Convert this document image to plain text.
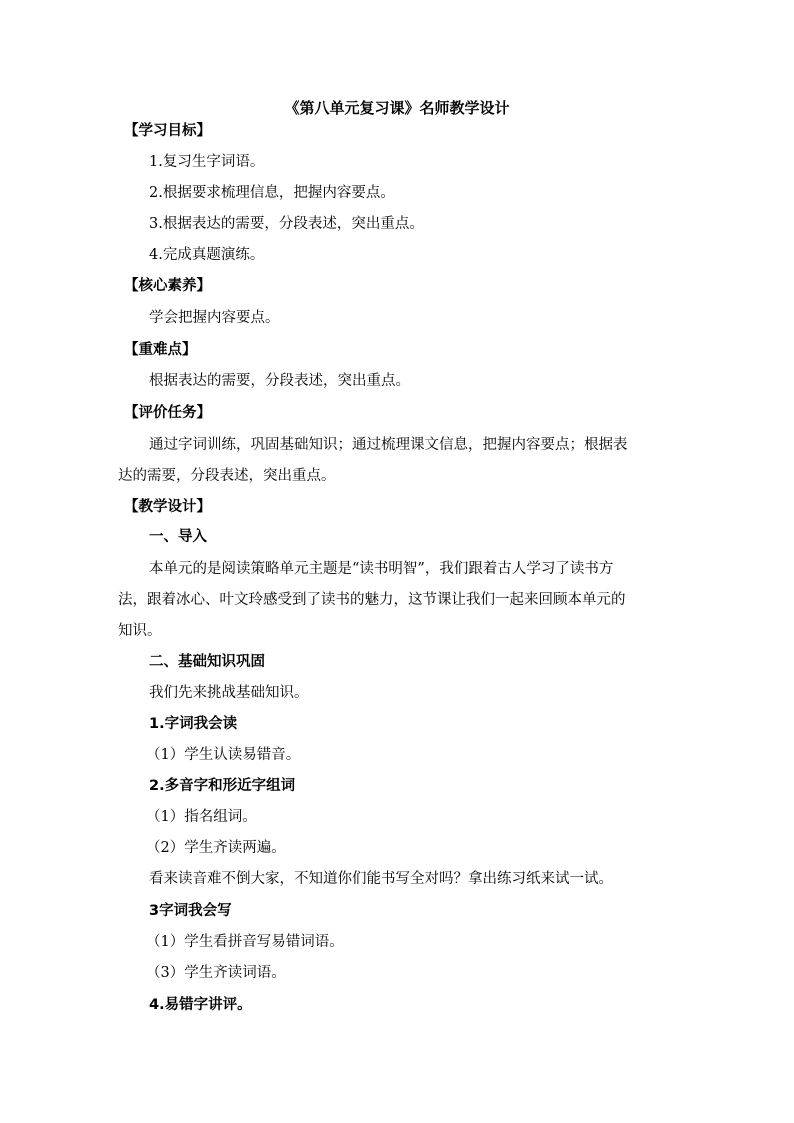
《第八单元复习课》名师教学设计
【学习目标】
1.复习生字词语。
2.根据要求梳理信息，把握内容要点。
3.根据表达的需要，分段表述，突出重点。
4.完成真题演练。
【核心素养】
学会把握内容要点。
【重难点】
根据表达的需要，分段表述，突出重点。
【评价任务】
通过字词训练，巩固基础知识；通过梳理课文信息，把握内容要点；根据表
达的需要，分段表述，突出重点。
【教学设计】
一、导入
本单元的是阅读策略单元主题是“读书明智”，我们跟着古人学习了读书方
法，跟着冰心、叶文玲感受到了读书的魅力，这节课让我们一起来回顾本单元的
知识。
二、基础知识巩固
我们先来挑战基础知识。
1.字词我会读
（1）学生认读易错音。
2.多音字和形近字组词
（1）指名组词。
（2）学生齐读两遍。
看来读音难不倒大家，不知道你们能书写全对吗？拿出练习纸来试一试。
3字词我会写
（1）学生看拼音写易错词语。
（3）学生齐读词语。
4.易错字讲评。
